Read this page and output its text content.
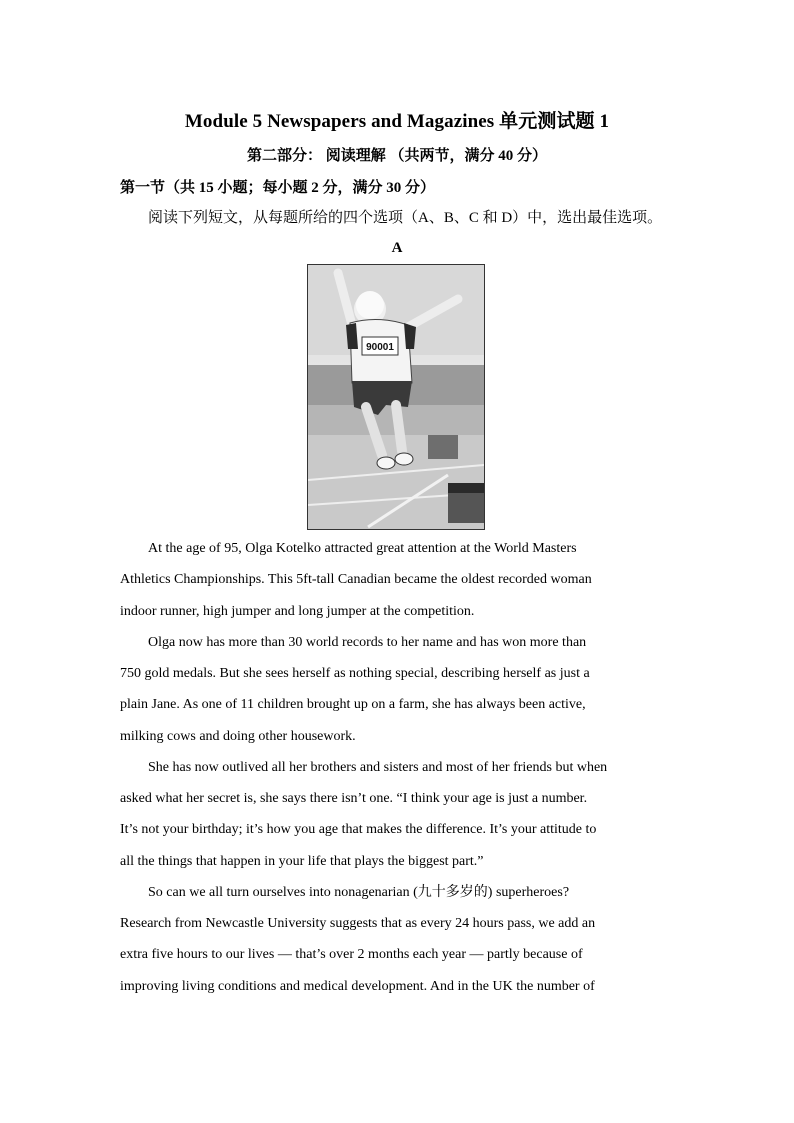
Module 5 Newspapers and Magazines 单元测试题 1
第二部分： 阅读理解 （共两节，满分 40 分）
第一节（共 15 小题；每小题 2 分，满分 30 分）
阅读下列短文，从每题所给的四个选项（A、B、C 和 D）中，选出最佳选项。
A
90001
At the age of 95, Olga Kotelko attracted great attention at the World Masters
Athletics Championships. This 5ft-tall Canadian became the oldest recorded woman
indoor runner, high jumper and long jumper at the competition.
Olga now has more than 30 world records to her name and has won more than
750 gold medals. But she sees herself as nothing special, describing herself as just a
plain Jane. As one of 11 children brought up on a farm, she has always been active,
milking cows and doing other housework.
She has now outlived all her brothers and sisters and most of her friends but when
asked what her secret is, she says there isn’t one. “I think your age is just a number.
It’s not your birthday; it’s how you age that makes the difference. It’s your attitude to
all the things that happen in your life that plays the biggest part.”
So can we all turn ourselves into nonagenarian (九十多岁的) superheroes?
Research from Newcastle University suggests that as every 24 hours pass, we add an
extra five hours to our lives — that’s over 2 months each year — partly because of
improving living conditions and medical development. And in the UK the number of
